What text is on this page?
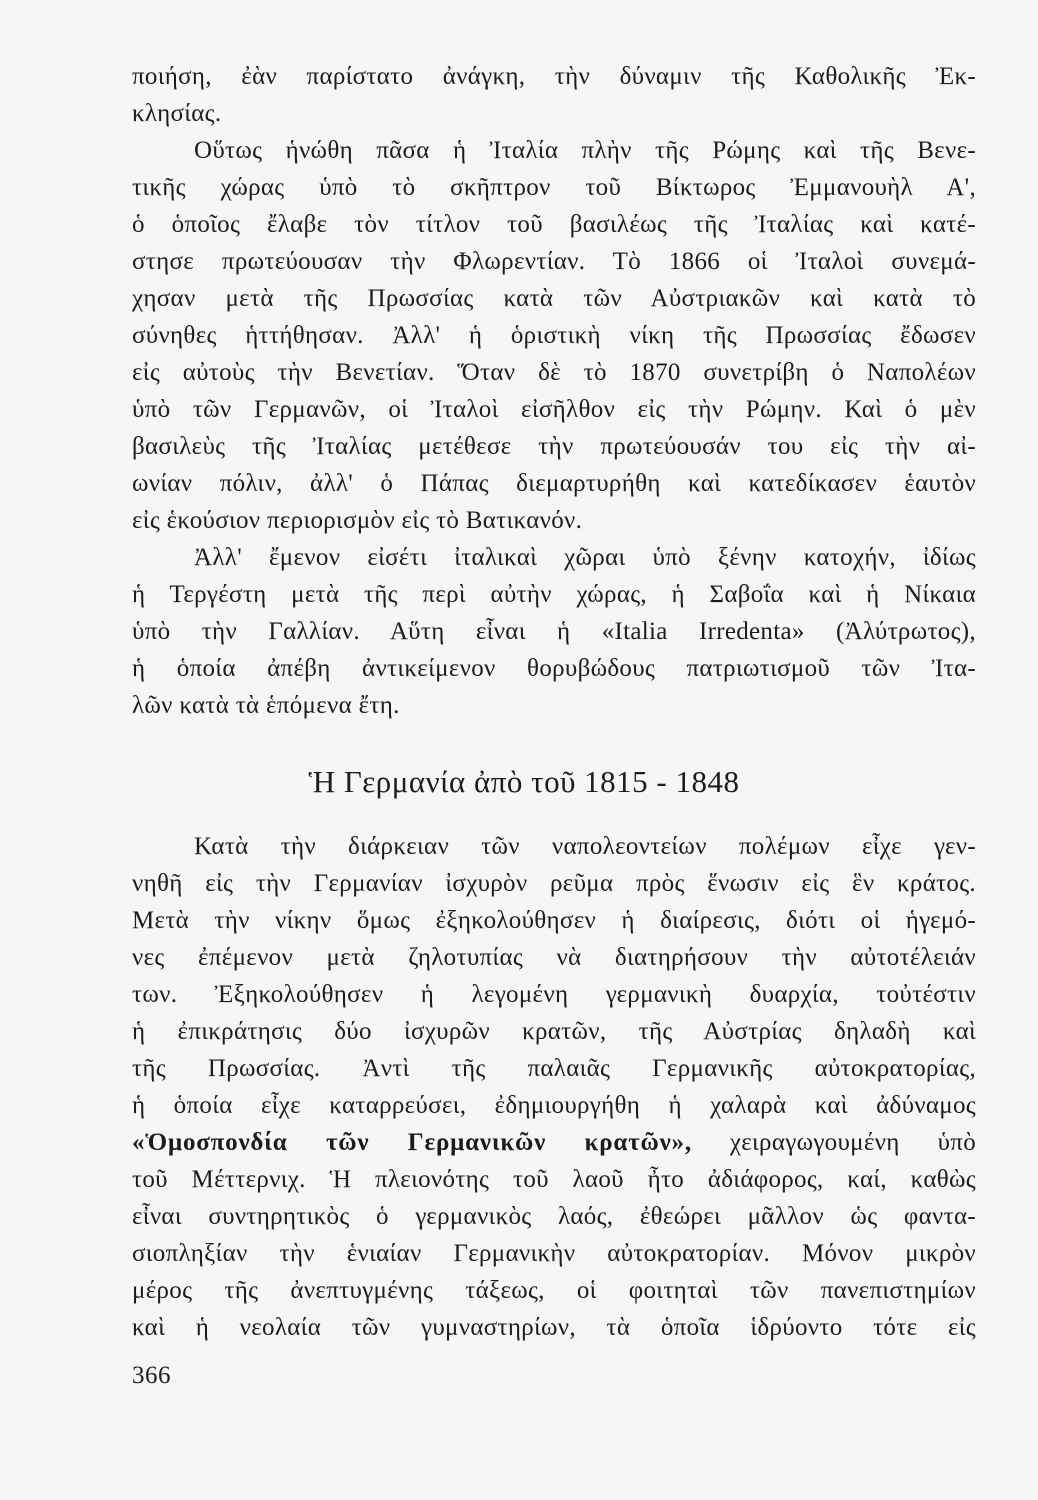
ποιήση, ἐὰν παρίστατο ἀνάγκη, τὴν δύναμιν τῆς Καθολικῆς Ἐκ-
κλησίας.
Οὕτως ἡνώθη πᾶσα ἡ Ἰταλία πλὴν τῆς Ρώμης καὶ τῆς Βενε-
τικῆς χώρας ὑπὸ τὸ σκῆπτρον τοῦ Βίκτωρος Ἐμμανουὴλ Α',
ὁ ὁποῖος ἔλαβε τὸν τίτλον τοῦ βασιλέως τῆς Ἰταλίας καὶ κατέ-
στησε πρωτεύουσαν τὴν Φλωρεντίαν. Τὸ 1866 οἱ Ἰταλοὶ συνεμά-
χησαν μετὰ τῆς Πρωσσίας κατὰ τῶν Αὐστριακῶν καὶ κατὰ τὸ
σύνηθες ἡττήθησαν. Ἀλλ' ἡ ὁριστικὴ νίκη τῆς Πρωσσίας ἔδωσεν
εἰς αὐτοὺς τὴν Βενετίαν. Ὅταν δὲ τὸ 1870 συνετρίβη ὁ Ναπολέων
ὑπὸ τῶν Γερμανῶν, οἱ Ἰταλοὶ εἰσῆλθον εἰς τὴν Ρώμην. Καὶ ὁ μὲν
βασιλεὺς τῆς Ἰταλίας μετέθεσε τὴν πρωτεύουσάν του εἰς τὴν αἰ-
ωνίαν πόλιν, ἀλλ' ὁ Πάπας διεμαρτυρήθη καὶ κατεδίκασεν ἑαυτὸν
εἰς ἑκούσιον περιορισμὸν εἰς τὸ Βατικανόν.
Ἀλλ' ἔμενον εἰσέτι ἰταλικαὶ χῶραι ὑπὸ ξένην κατοχήν, ἰδίως
ἡ Τεργέστη μετὰ τῆς περὶ αὐτὴν χώρας, ἡ Σαβοΐα καὶ ἡ Νίκαια
ὑπὸ τὴν Γαλλίαν. Αὕτη εἶναι ἡ «Italia Irredenta» (Ἀλύτρωτος),
ἡ ὁποία ἀπέβη ἀντικείμενον θορυβώδους πατριωτισμοῦ τῶν Ἰτα-
λῶν κατὰ τὰ ἑπόμενα ἔτη.
Ἡ Γερμανία ἀπὸ τοῦ 1815 - 1848
Κατὰ τὴν διάρκειαν τῶν ναπολεοντείων πολέμων εἶχε γεν-
νηθῆ εἰς τὴν Γερμανίαν ἰσχυρὸν ρεῦμα πρὸς ἕνωσιν εἰς ἓν κράτος.
Μετὰ τὴν νίκην ὅμως ἐξηκολούθησεν ἡ διαίρεσις, διότι οἱ ἡγεμό-
νες ἐπέμενον μετὰ ζηλοτυπίας νὰ διατηρήσουν τὴν αὐτοτέλειάν
των. Ἐξηκολούθησεν ἡ λεγομένη γερμανικὴ δυαρχία, τοὐτέστιν
ἡ ἐπικράτησις δύο ἰσχυρῶν κρατῶν, τῆς Αὐστρίας δηλαδὴ καὶ
τῆς Πρωσσίας. Ἀντὶ τῆς παλαιᾶς Γερμανικῆς αὐτοκρατορίας,
ἡ ὁποία εἶχε καταρρεύσει, ἐδημιουργήθη ἡ χαλαρὰ καὶ ἀδύναμος
«Ὁμοσπονδία τῶν Γερμανικῶν κρατῶν», χειραγωγουμένη ὑπὸ
τοῦ Μέττερνιχ. Ἡ πλειονότης τοῦ λαοῦ ἦτο ἀδιάφορος, καί, καθὼς
εἶναι συντηρητικὸς ὁ γερμανικὸς λαός, ἐθεώρει μᾶλλον ὡς φαντα-
σιοπληξίαν τὴν ἑνιαίαν Γερμανικὴν αὐτοκρατορίαν. Μόνον μικρὸν
μέρος τῆς ἀνεπτυγμένης τάξεως, οἱ φοιτηταὶ τῶν πανεπιστημίων
καὶ ἡ νεολαία τῶν γυμναστηρίων, τὰ ὁποῖα ἱδρύοντο τότε εἰς
366
